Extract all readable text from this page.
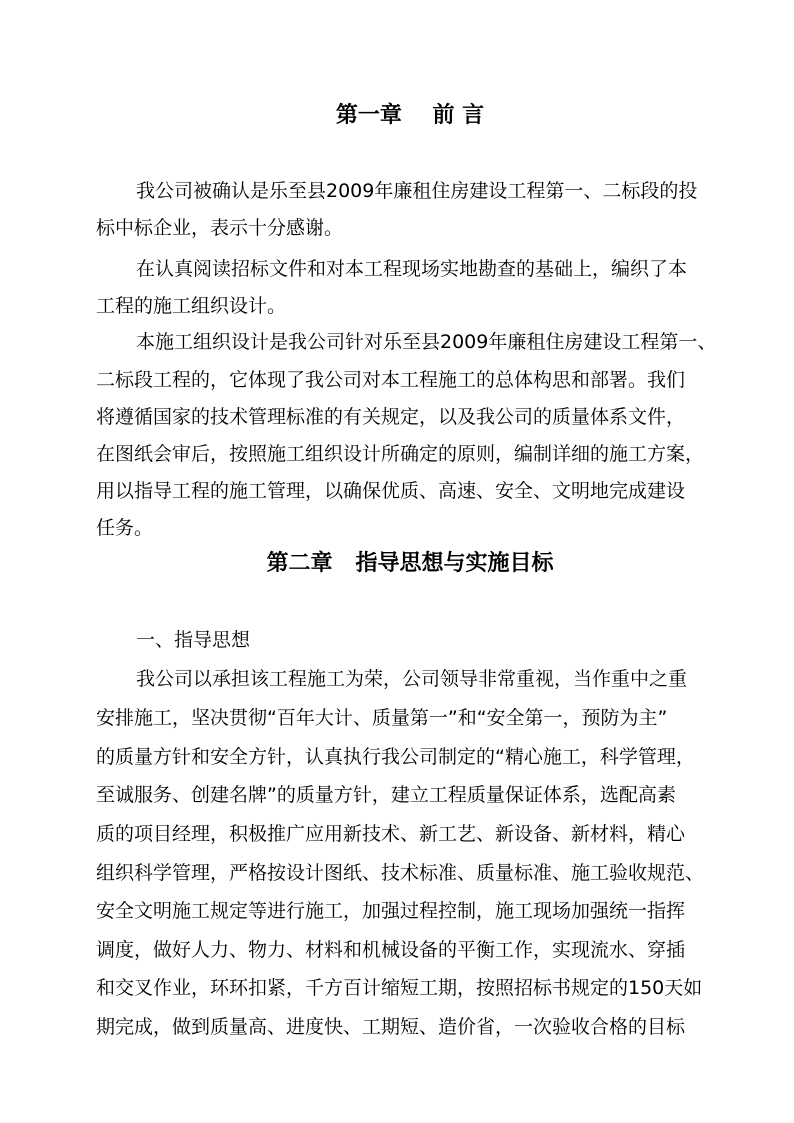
第一章    前 言
我公司被确认是乐至县2009年廉租住房建设工程第一、二标段的投
标中标企业，表示十分感谢。
在认真阅读招标文件和对本工程现场实地勘查的基础上，编织了本
工程的施工组织设计。
本施工组织设计是我公司针对乐至县2009年廉租住房建设工程第一、
二标段工程的，它体现了我公司对本工程施工的总体构思和部署。我们
将遵循国家的技术管理标准的有关规定，以及我公司的质量体系文件，
在图纸会审后，按照施工组织设计所确定的原则，编制详细的施工方案，
用以指导工程的施工管理，以确保优质、高速、安全、文明地完成建设
任务。
第二章   指导思想与实施目标
一、指导思想
我公司以承担该工程施工为荣，公司领导非常重视，当作重中之重
安排施工，坚决贯彻“百年大计、质量第一”和“安全第一，预防为主”
的质量方针和安全方针，认真执行我公司制定的“精心施工，科学管理，
至诚服务、创建名牌”的质量方针，建立工程质量保证体系，选配高素
质的项目经理，积极推广应用新技术、新工艺、新设备、新材料，精心
组织科学管理，严格按设计图纸、技术标准、质量标准、施工验收规范、
安全文明施工规定等进行施工，加强过程控制，施工现场加强统一指挥
调度，做好人力、物力、材料和机械设备的平衡工作，实现流水、穿插
和交叉作业，环环扣紧，千方百计缩短工期，按照招标书规定的150天如
期完成，做到质量高、进度快、工期短、造价省，一次验收合格的目标
